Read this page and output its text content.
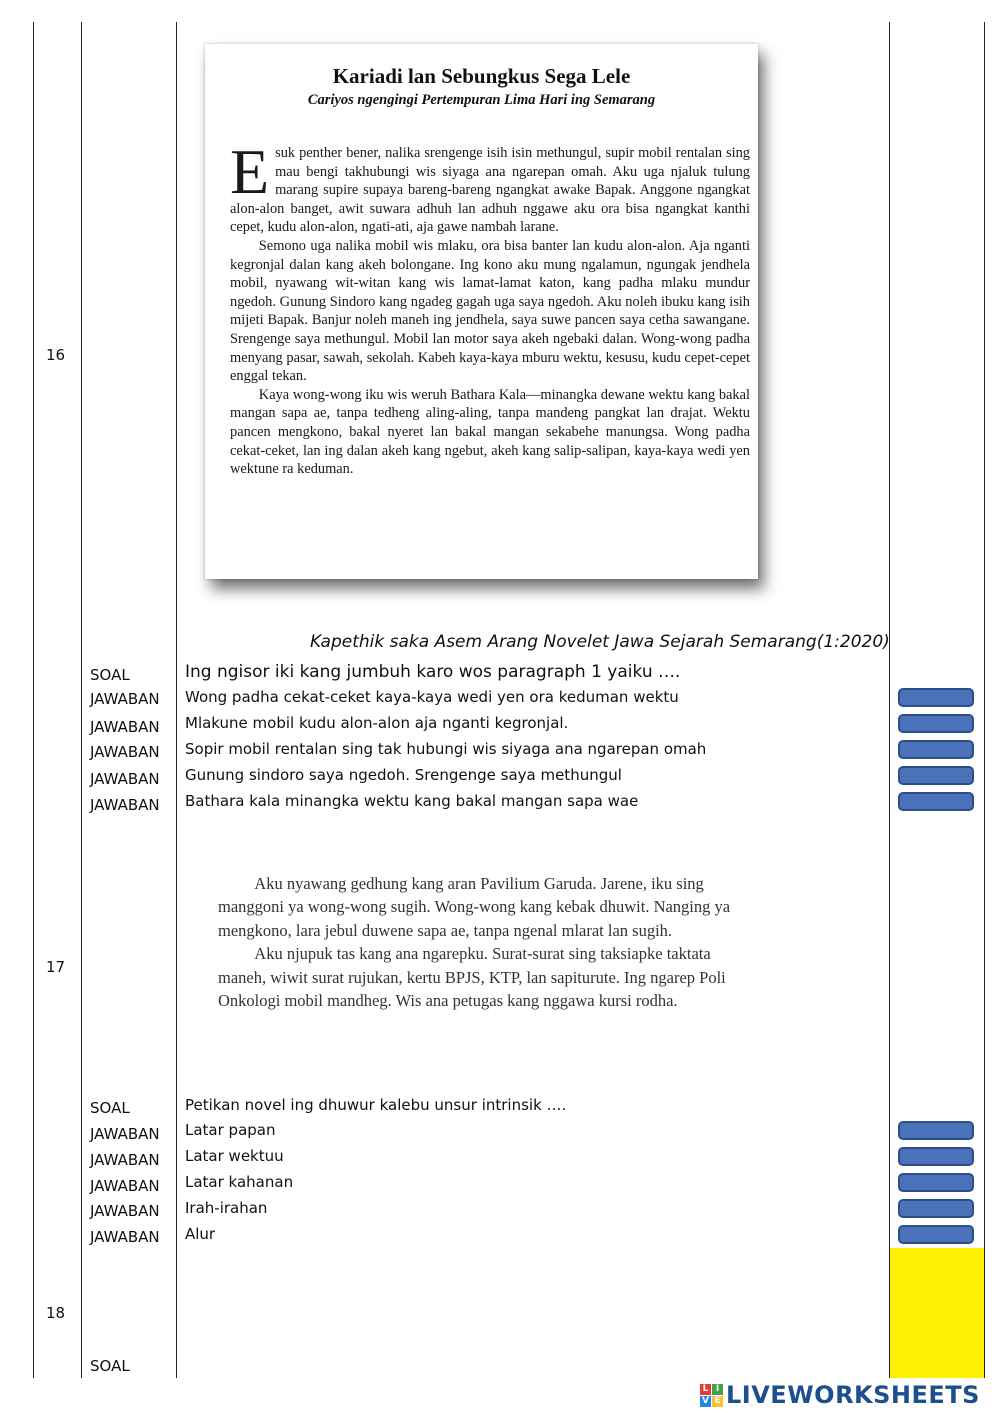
16
Kariadi lan Sebungkus Sega Lele
Cariyos ngengingi Pertempuran Lima Hari ing Semarang

Esuk penther bener, nalika srengenge isih isin methungul, supir mobil rentalan sing mau bengi takhubungi wis siyaga ana ngarepan omah. Aku uga njaluk tulung marang supire supaya bareng-bareng ngangkat awake Bapak. Anggone ngangkat alon-alon banget, awit suwara adhuh lan adhuh nggawe aku ora bisa ngangkat kanthi cepet, kudu alon-alon, ngati-ati, aja gawe nambah larane.

Semono uga nalika mobil wis mlaku, ora bisa banter lan kudu alon-alon. Aja nganti kegronjal dalan kang akeh bolongane. Ing kono aku mung ngalamun, ngungak jendhela mobil, nyawang wit-witan kang wis lamat-lamat katon, kang padha mlaku mundur ngedoh. Gunung Sindoro kang ngadeg gagah uga saya ngedoh. Aku noleh ibuku kang isih mijeti Bapak. Banjur noleh maneh ing jendhela, saya suwe pancen saya cetha sawangane. Srengenge saya methungul. Mobil lan motor saya akeh ngebaki dalan. Wong-wong padha menyang pasar, sawah, sekolah. Kabeh kaya-kaya mburu wektu, kesusu, kudu cepet-cepet enggal tekan.

Kaya wong-wong iku wis weruh Bathara Kala—minangka dewane wektu kang bakal mangan sapa ae, tanpa tedheng aling-aling, tanpa mandeng pangkat lan drajat. Wektu pancen mengkono, bakal nyeret lan bakal mangan sekabehe manungsa. Wong padha cekat-ceket, lan ing dalan akeh kang ngebut, akeh kang salip-salipan, kaya-kaya wedi yen wektune ra keduman.

Kapethik saka Asem Arang Novelet Jawa Sejarah Semarang(1:2020)
SOAL	Ing ngisor iki kang jumbuh karo wos paragraph 1 yaiku ….
JAWABAN Wong padha cekat-ceket kaya-kaya wedi yen ora keduman wektu
JAWABAN Mlakune mobil kudu alon-alon aja nganti kegronjal.
JAWABAN Sopir mobil rentalan sing tak hubungi wis siyaga ana ngarepan omah
JAWABAN Gunung sindoro saya ngedoh. Srengenge saya methungul
JAWABAN Bathara kala minangka wektu kang bakal mangan sapa wae
17

Aku nyawang gedhung kang aran Pavilium Garuda. Jarene, iku sing manggoni ya wong-wong sugih. Wong-wong kang kebak dhuwit. Nanging ya mengkono, lara jebul duwene sapa ae, tanpa ngenal mlarat lan sugih.

Aku njupuk tas kang ana ngarepku. Surat-surat sing taksiapke taktata maneh, wiwit surat rujukan, kertu BPJS, KTP, lan sapiturute. Ing ngarep Poli Onkologi mobil mandheg. Wis ana petugas kang nggawa kursi rodha.

SOAL	Petikan novel ing dhuwur kalebu unsur intrinsik ….
JAWABAN Latar papan
JAWABAN Latar wektuu
JAWABAN Latar kahanan
JAWABAN Irah-irahan
JAWABAN Alur
18
SOAL
L I
V E LIVEWORKSHEETS
